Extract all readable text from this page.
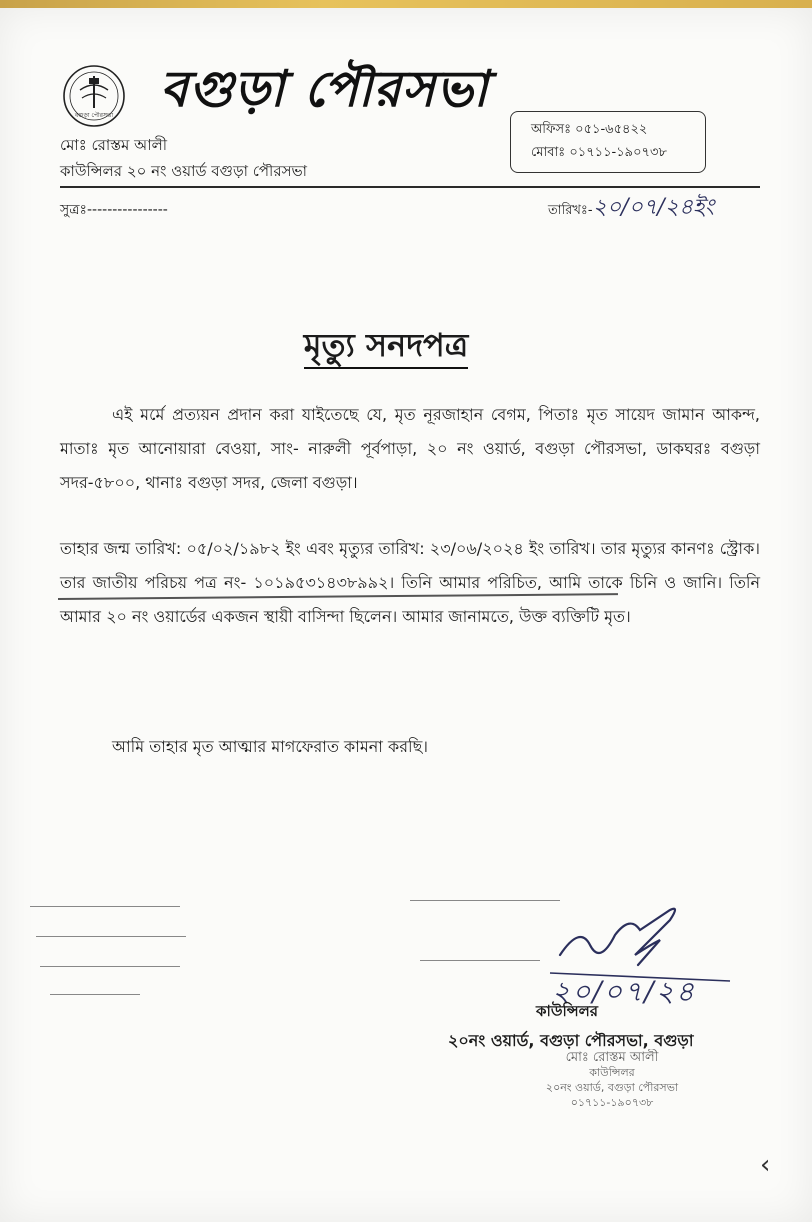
বগুড়া পৌরসভা বগুড়া পৌরসভা
মোঃ রোস্তম আলী
কাউন্সিলর ২০ নং ওয়ার্ড বগুড়া পৌরসভা
অফিসঃ ০৫১-৬৫৪২২
মোবাঃ ০১৭১১-১৯০৭৩৮
সুত্রঃ----------------	তারিখঃ-২০/০৭/২৪ইং
মৃত্যু সনদপত্র
এই মর্মে প্রত্যয়ন প্রদান করা যাইতেছে যে, মৃত নূরজাহান বেগম, পিতাঃ মৃত সায়েদ জামান আকন্দ, মাতাঃ মৃত আনোয়ারা বেওয়া, সাং- নারুলী পূর্বপাড়া, ২০ নং ওয়ার্ড, বগুড়া পৌরসভা, ডাকঘরঃ বগুড়া সদর-৫৮০০, থানাঃ বগুড়া সদর, জেলা বগুড়া।
তাহার জন্ম তারিখ: ০৫/০২/১৯৮২ ইং এবং মৃত্যুর তারিখ: ২৩/০৬/২০২৪ ইং তারিখ। তার মৃত্যুর কানণঃ স্ট্রোক। তার জাতীয় পরিচয় পত্র নং- ১০১৯৫৩১৪৩৮৯৯২। তিনি আমার পরিচিত, আমি তাকে চিনি ও জানি। তিনি আমার ২০ নং ওয়ার্ডের একজন স্থায়ী বাসিন্দা ছিলেন। আমার জানামতে, উক্ত ব্যক্তিটি মৃত।
আমি তাহার মৃত আত্মার মাগফেরাত কামনা করছি।
২০/০৭/২৪
কাউন্সিলর
২০নং ওয়ার্ড, বগুড়া পৌরসভা, বগুড়া
মোঃ রোস্তম আলী
কাউন্সিলর
২০নং ওয়ার্ড, বগুড়া পৌরসভা
০১৭১১-১৯০৭৩৮
‹
